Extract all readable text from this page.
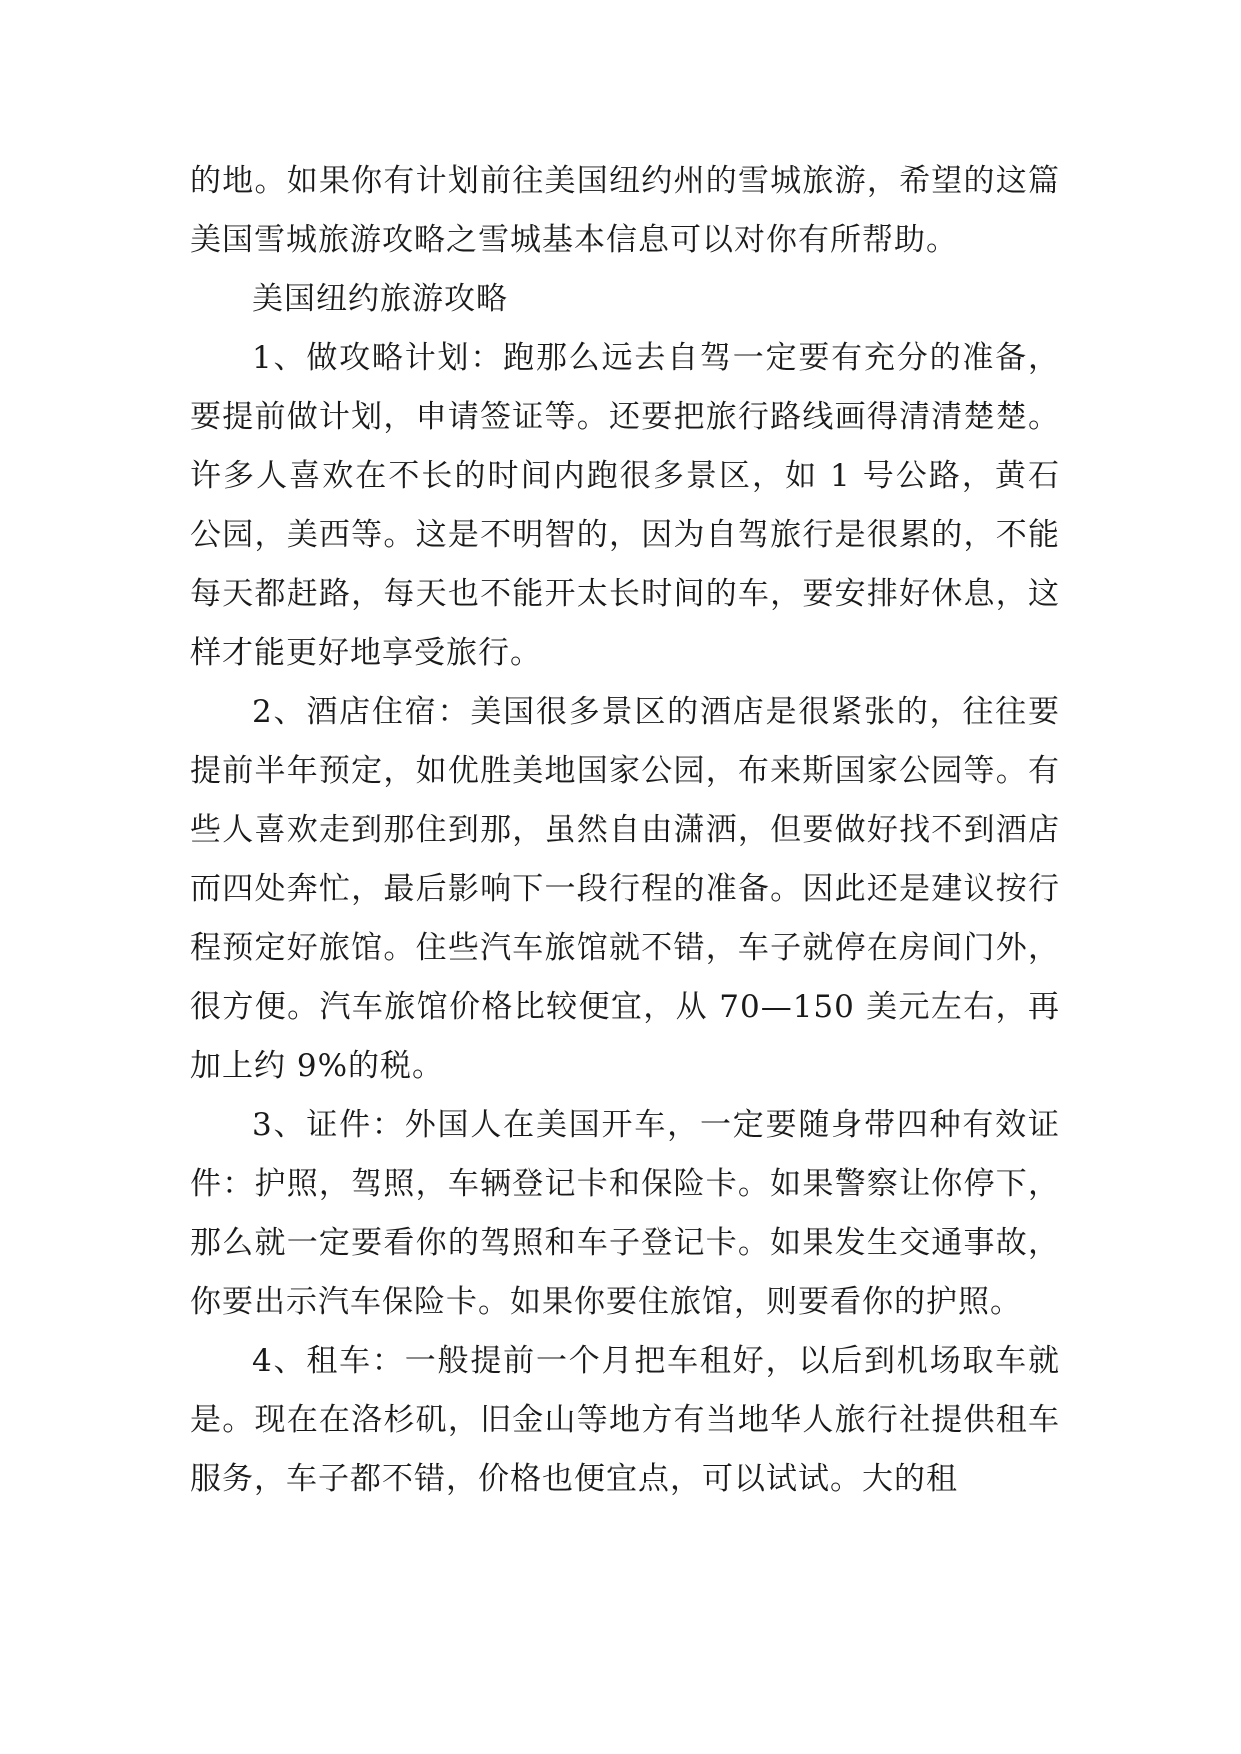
的地。如果你有计划前往美国纽约州的雪城旅游，希望的这篇美国雪城旅游攻略之雪城基本信息可以对你有所帮助。

美国纽约旅游攻略

1、做攻略计划：跑那么远去自驾一定要有充分的准备，要提前做计划，申请签证等。还要把旅行路线画得清清楚楚。许多人喜欢在不长的时间内跑很多景区，如 1 号公路，黄石公园，美西等。这是不明智的，因为自驾旅行是很累的，不能每天都赶路，每天也不能开太长时间的车，要安排好休息，这样才能更好地享受旅行。

2、酒店住宿：美国很多景区的酒店是很紧张的，往往要提前半年预定，如优胜美地国家公园，布来斯国家公园等。有些人喜欢走到那住到那，虽然自由潇洒，但要做好找不到酒店而四处奔忙，最后影响下一段行程的准备。因此还是建议按行程预定好旅馆。住些汽车旅馆就不错，车子就停在房间门外，很方便。汽车旅馆价格比较便宜，从 70—150 美元左右，再加上约 9%的税。

3、证件：外国人在美国开车，一定要随身带四种有效证件：护照，驾照，车辆登记卡和保险卡。如果警察让你停下，那么就一定要看你的驾照和车子登记卡。如果发生交通事故，你要出示汽车保险卡。如果你要住旅馆，则要看你的护照。

4、租车：一般提前一个月把车租好，以后到机场取车就是。现在在洛杉矶，旧金山等地方有当地华人旅行社提供租车服务，车子都不错，价格也便宜点，可以试试。大的租
